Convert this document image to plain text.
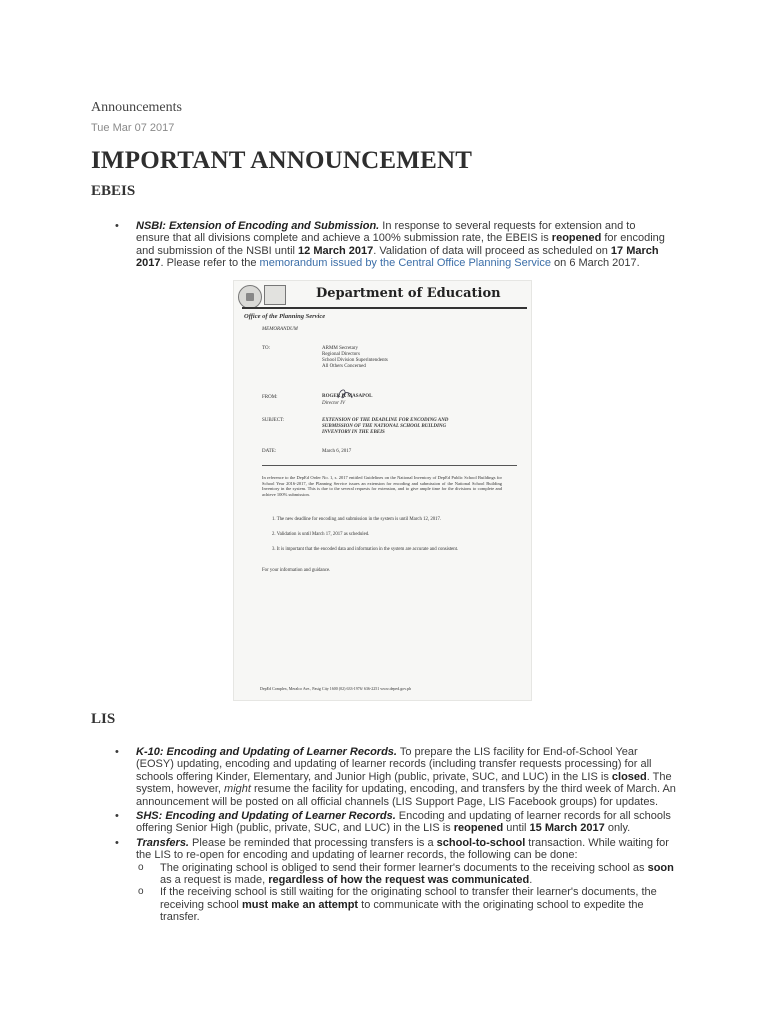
Announcements
Tue Mar 07 2017
IMPORTANT ANNOUNCEMENT
EBEIS
• NSBI: Extension of Encoding and Submission. In response to several requests for extension and to ensure that all divisions complete and achieve a 100% submission rate, the EBEIS is reopened for encoding and submission of the NSBI until 12 March 2017. Validation of data will proceed as scheduled on 17 March 2017. Please refer to the memorandum issued by the Central Office Planning Service on 6 March 2017.
Department of Education
Office of the Planning Service
MEMORANDUM
TO:	ARMM Secretary
Regional Directors
School Division Superintendents
All Others Concerned
FROM:	ROGER B. MASAPOL
Director IV
SUBJECT:	EXTENSION OF THE DEADLINE FOR ENCODING AND
SUBMISSION OF THE NATIONAL SCHOOL BUILDING
INVENTORY IN THE EBEIS
DATE:	March 6, 2017
In reference to the DepEd Order No. 1, s. 2017 entitled Guidelines on the National Inventory of DepEd Public School Buildings for School Year 2016-2017, the Planning Service issues an extension for encoding and submission of the National School Building Inventory in the system. This is due to the several requests for extension, and to give ample time for the divisions to complete and achieve 100% submission.
1. The new deadline for encoding and submission in the system is until March 12, 2017.
2. Validation is until March 17, 2017 as scheduled.
3. It is important that the encoded data and information in the system are accurate and consistent.
For your information and guidance.
DepEd Complex, Meralco Ave., Pasig City 1600 (02) 633-1976/ 636-2251 www.deped.gov.ph
LIS
• K-10: Encoding and Updating of Learner Records. To prepare the LIS facility for End-of-School Year (EOSY) updating, encoding and updating of learner records (including transfer requests processing) for all schools offering Kinder, Elementary, and Junior High (public, private, SUC, and LUC) in the LIS is closed. The system, however, might resume the facility for updating, encoding, and transfers by the third week of March. An announcement will be posted on all official channels (LIS Support Page, LIS Facebook groups) for updates.
• SHS: Encoding and Updating of Learner Records. Encoding and updating of learner records for all schools offering Senior High (public, private, SUC, and LUC) in the LIS is reopened until 15 March 2017 only.
• Transfers. Please be reminded that processing transfers is a school-to-school transaction. While waiting for the LIS to re-open for encoding and updating of learner records, the following can be done:
o The originating school is obliged to send their former learner's documents to the receiving school as soon as a request is made, regardless of how the request was communicated.
o If the receiving school is still waiting for the originating school to transfer their learner's documents, the receiving school must make an attempt to communicate with the originating school to expedite the transfer.
